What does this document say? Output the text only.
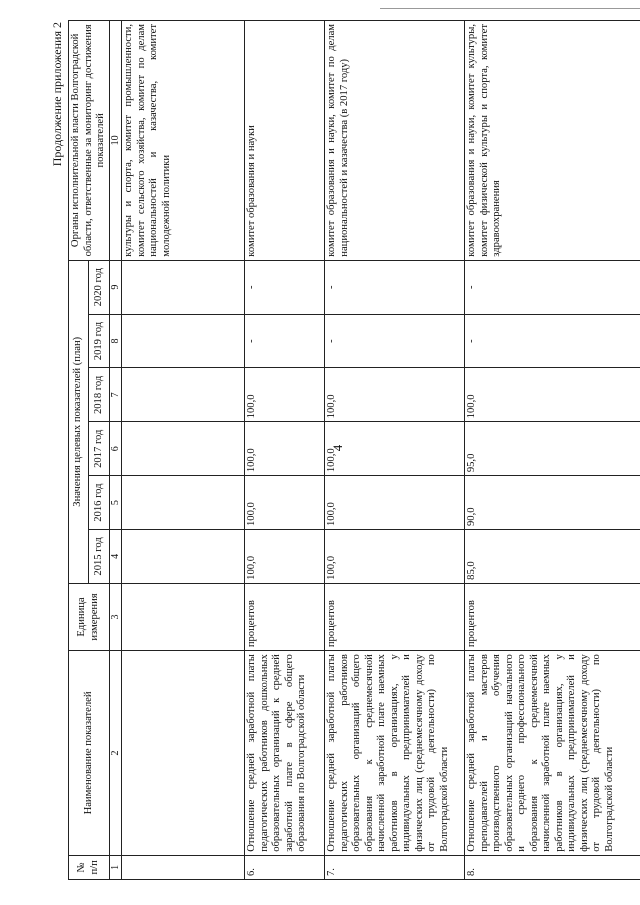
4
Продолжение приложения 2
№ п/п	Наименование показателей	Единица измерения	Значения целевых показателей (план)						Органы исполнительной власти Волгоградской области, ответственные за мониторинг достижения показателей
			2015 год	2016 год	2017 год	2018 год	2019 год	2020 год	
1	2	3	4	5	6	7	8	9	10
									культуры и спорта, комитет промышленности, комитет сельского хозяйства, комитет по делам национальностей и казачества, комитет молодежной политики
6.	Отношение средней заработной платы педагогических работников дошкольных образовательных организаций к средней заработной плате в сфере общего образования по Волгоградской области	процентов	100,0	100,0	100,0	100,0	-	-	комитет образования и науки
7.	Отношение средней заработной платы педагогических работников образовательных организаций общего образования к среднемесячной начисленной заработной плате наемных работников в организациях, у индивидуальных предпринимателей и физических лиц (среднемесячному доходу от трудовой деятельности) по Волгоградской области	процентов	100,0	100,0	100,0	100,0	-	-	комитет образования и науки, комитет по делам национальностей и казачества (в 2017 году)
8.	Отношение средней заработной платы преподавателей и мастеров производственного обучения образовательных организаций начального и среднего профессионального образования к среднемесячной начисленной заработной плате наемных работников в организациях, у индивидуальных предпринимателей и физических лиц (среднемесячному доходу от трудовой деятельности) по Волгоградской области	процентов	85,0	90,0	95,0	100,0	-	-	комитет образования и науки, комитет культуры, комитет физической культуры и спорта, комитет здравоохранения
